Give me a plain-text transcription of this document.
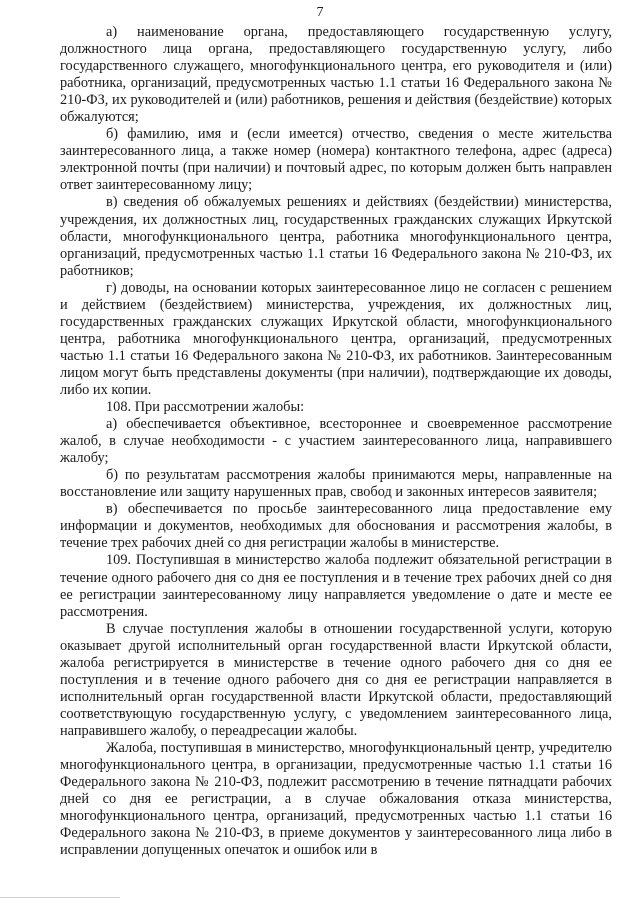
7

а) наименование органа, предоставляющего государственную услугу, должностного лица органа, предоставляющего государственную услугу, либо государственного служащего, многофункционального центра, его руководителя и (или) работника, организаций, предусмотренных частью 1.1 статьи 16 Федерального закона № 210-ФЗ, их руководителей и (или) работников, решения и действия (бездействие) которых обжалуются;

б) фамилию, имя и (если имеется) отчество, сведения о месте жительства заинтересованного лица, а также номер (номера) контактного телефона, адрес (адреса) электронной почты (при наличии) и почтовый адрес, по которым должен быть направлен ответ заинтересованному лицу;

в) сведения об обжалуемых решениях и действиях (бездействии) министерства, учреждения, их должностных лиц, государственных гражданских служащих Иркутской области, многофункционального центра, работника многофункционального центра, организаций, предусмотренных частью 1.1 статьи 16 Федерального закона № 210-ФЗ, их работников;

г) доводы, на основании которых заинтересованное лицо не согласен с решением и действием (бездействием) министерства, учреждения, их должностных лиц, государственных гражданских служащих Иркутской области, многофункционального центра, работника многофункционального центра, организаций, предусмотренных частью 1.1 статьи 16 Федерального закона № 210-ФЗ, их работников. Заинтересованным лицом могут быть представлены документы (при наличии), подтверждающие их доводы, либо их копии.

108. При рассмотрении жалобы:

а) обеспечивается объективное, всестороннее и своевременное рассмотрение жалоб, в случае необходимости - с участием заинтересованного лица, направившего жалобу;

б) по результатам рассмотрения жалобы принимаются меры, направленные на восстановление или защиту нарушенных прав, свобод и законных интересов заявителя;

в) обеспечивается по просьбе заинтересованного лица предоставление ему информации и документов, необходимых для обоснования и рассмотрения жалобы, в течение трех рабочих дней со дня регистрации жалобы в министерстве.

109. Поступившая в министерство жалоба подлежит обязательной регистрации в течение одного рабочего дня со дня ее поступления и в течение трех рабочих дней со дня ее регистрации заинтересованному лицу направляется уведомление о дате и месте ее рассмотрения.

В случае поступления жалобы в отношении государственной услуги, которую оказывает другой исполнительный орган государственной власти Иркутской области, жалоба регистрируется в министерстве в течение одного рабочего дня со дня ее поступления и в течение одного рабочего дня со дня ее регистрации направляется в исполнительный орган государственной власти Иркутской области, предоставляющий соответствующую государственную услугу, с уведомлением заинтересованного лица, направившего жалобу, о переадресации жалобы.

Жалоба, поступившая в министерство, многофункциональный центр, учредителю многофункционального центра, в организации, предусмотренные частью 1.1 статьи 16 Федерального закона № 210-ФЗ, подлежит рассмотрению в течение пятнадцати рабочих дней со дня ее регистрации, а в случае обжалования отказа министерства, многофункционального центра, организаций, предусмотренных частью 1.1 статьи 16 Федерального закона № 210-ФЗ, в приеме документов у заинтересованного лица либо в исправлении допущенных опечаток и ошибок или в
